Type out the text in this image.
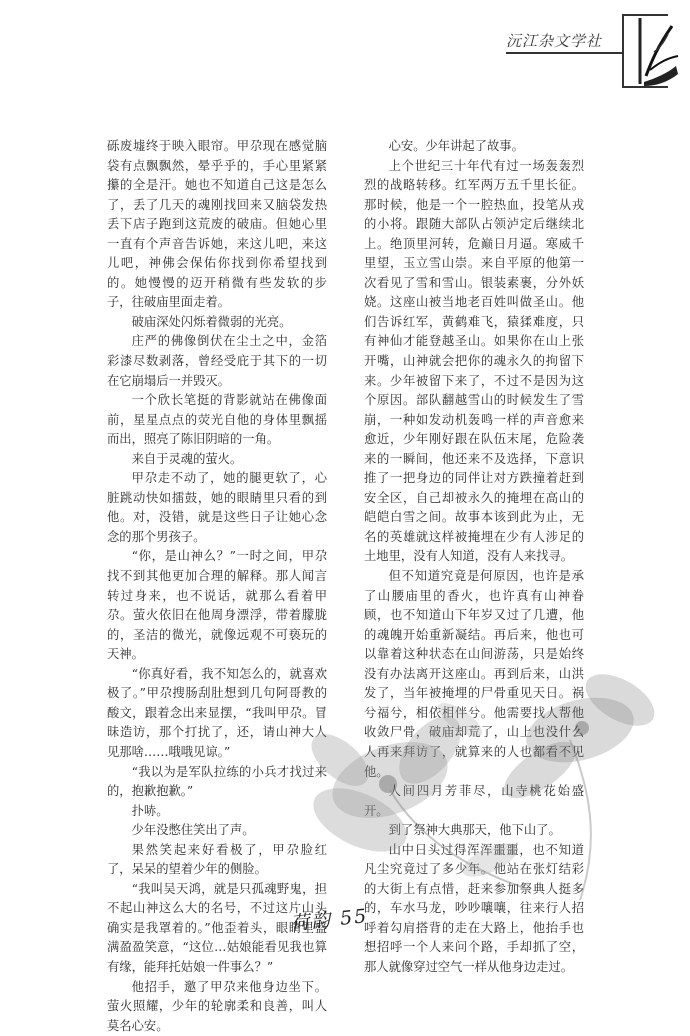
沅江杂文学社

砾废墟终于映入眼帘。甲尕现在感觉脑袋有点飘飘然，晕乎乎的，手心里紧紧攥的全是汗。她也不知道自己这是怎么了，丢了几天的魂刚找回来又脑袋发热丢下店子跑到这荒废的破庙。但她心里一直有个声音告诉她，来这儿吧，来这儿吧，神佛会保佑你找到你希望找到的。她慢慢的迈开稍微有些发软的步子，往破庙里面走着。

破庙深处闪烁着微弱的光亮。

庄严的佛像倒伏在尘土之中，金箔彩漆尽数剥落，曾经受庇于其下的一切在它崩塌后一并毁灭。

一个欣长笔挺的背影就站在佛像面前，星星点点的荧光自他的身体里飘摇而出，照亮了陈旧阴暗的一角。

来自于灵魂的萤火。

甲尕走不动了，她的腿更软了，心脏跳动快如擂鼓，她的眼睛里只看的到他。对，没错，就是这些日子让她心念念的那个男孩子。

“你，是山神么？”一时之间，甲尕找不到其他更加合理的解释。那人闻言转过身来，也不说话，就那么看着甲尕。萤火依旧在他周身漂浮，带着朦胧的，圣洁的微光，就像远观不可亵玩的天神。

“你真好看，我不知怎么的，就喜欢极了。”甲尕搜肠刮肚想到几句阿哥教的酸文，跟着念出来显摆，“我叫甲尕。冒昧造访，那个打扰了，还，请山神大人见那啥……哦哦见谅。”

“我以为是军队拉练的小兵才找过来的，抱歉抱歉。”

扑哧。

少年没憋住笑出了声。

果然笑起来好看极了，甲尕脸红了，呆呆的望着少年的侧脸。

“我叫吴天鸿，就是只孤魂野鬼，担不起山神这么大的名号，不过这片山头确实是我罩着的。”他歪着头，眼睛里盛满盈盈笑意，“这位…姑娘能看见我也算有缘，能拜托姑娘一件事么？”

他招手，邀了甲尕来他身边坐下。萤火照耀，少年的轮廓柔和良善，叫人莫名心安。

心安。少年讲起了故事。

上个世纪三十年代有过一场轰轰烈烈的战略转移。红军两万五千里长征。那时候，他是一个一腔热血，投笔从戎的小将。跟随大部队占领泸定后继续北上。绝顶里河转，危巅日月逼。寒威千里望，玉立雪山崇。来自平原的他第一次看见了雪和雪山。银装素裹，分外妖娆。这座山被当地老百姓叫做圣山。他们告诉红军，黄鹤难飞，猿猱难度，只有神仙才能登越圣山。如果你在山上张开嘴，山神就会把你的魂永久的拘留下来。少年被留下来了，不过不是因为这个原因。部队翻越雪山的时候发生了雪崩，一种如发动机轰鸣一样的声音愈来愈近，少年刚好跟在队伍末尾，危险袭来的一瞬间，他还来不及选择，下意识推了一把身边的同伴让对方跌撞着赶到安全区，自己却被永久的掩埋在高山的皑皑白雪之间。故事本该到此为止，无名的英雄就这样被掩埋在少有人涉足的土地里，没有人知道，没有人来找寻。

但不知道究竟是何原因，也许是承了山腰庙里的香火，也许真有山神眷顾，也不知道山下年岁又过了几遭，他的魂魄开始重新凝结。再后来，他也可以靠着这种状态在山间游荡，只是始终没有办法离开这座山。再到后来，山洪发了，当年被掩埋的尸骨重见天日。祸兮福兮，相依相伴兮。他需要找人帮他收敛尸骨，破庙却荒了，山上也没什么人再来拜访了，就算来的人也都看不见他。

人间四月芳菲尽，山寺桃花始盛开。

到了祭神大典那天，他下山了。

山中日头过得浑浑噩噩，也不知道凡尘究竟过了多少年。他站在张灯结彩的大街上有点惜，赶来参加祭典人挺多的，车水马龙，吵吵嚷嚷，往来行人招呼着勾肩搭背的走在大路上，他抬手也想招呼一个人来问个路，手却抓了空，那人就像穿过空气一样从他身边走过。

荷韵 55
